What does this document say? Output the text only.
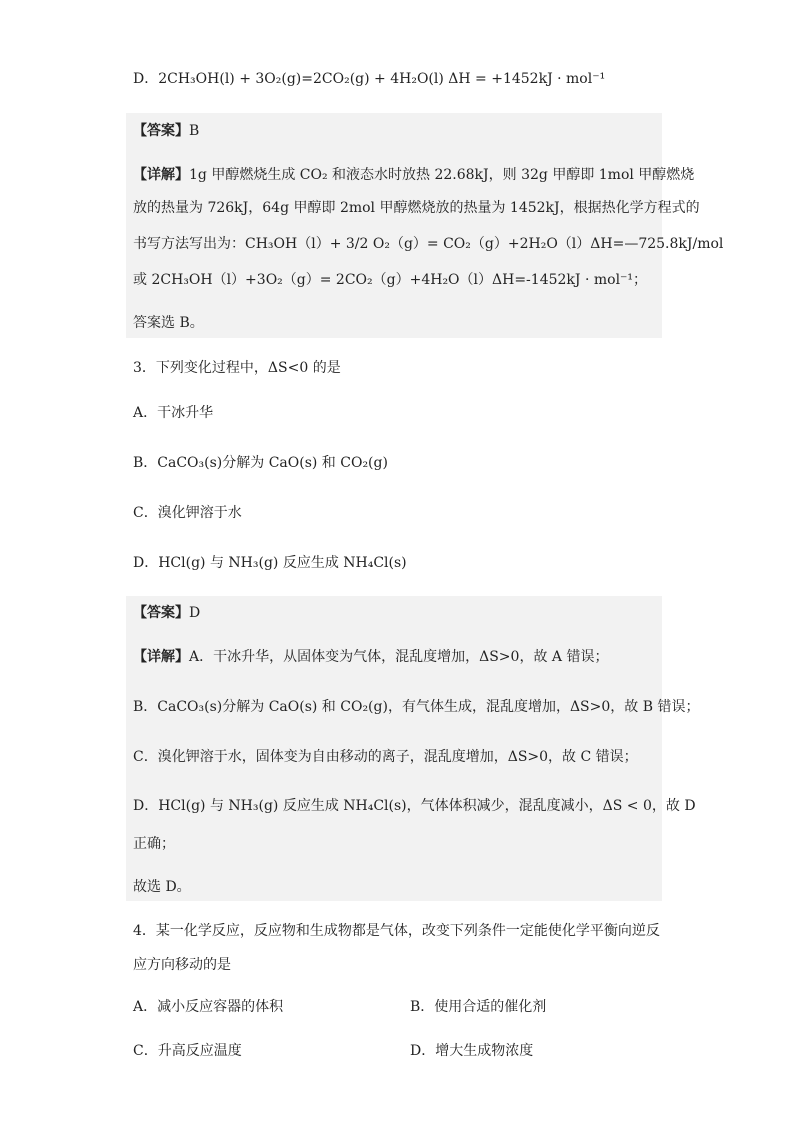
D．2CH₃OH(l) + 3O₂(g)=2CO₂(g) + 4H₂O(l) ΔH = +1452kJ · mol⁻¹
【答案】B
【详解】1g 甲醇燃烧生成 CO₂ 和液态水时放热 22.68kJ，则 32g 甲醇即 1mol 甲醇燃烧
放的热量为 726kJ，64g 甲醇即 2mol 甲醇燃烧放的热量为 1452kJ，根据热化学方程式的
书写方法写出为：CH₃OH（l）+ 3/2 O₂（g）= CO₂（g）+2H₂O（l）ΔH=—725.8kJ/mol
或 2CH₃OH（l）+3O₂（g）= 2CO₂（g）+4H₂O（l）ΔH=-1452kJ · mol⁻¹；
答案选 B。
3．下列变化过程中，ΔS<0 的是
A．干冰升华
B．CaCO₃(s)分解为 CaO(s) 和 CO₂(g)
C．溴化钾溶于水
D．HCl(g) 与 NH₃(g) 反应生成 NH₄Cl(s)
【答案】D
【详解】A．干冰升华，从固体变为气体，混乱度增加，ΔS>0，故 A 错误；
B．CaCO₃(s)分解为 CaO(s) 和 CO₂(g)，有气体生成，混乱度增加，ΔS>0，故 B 错误；
C．溴化钾溶于水，固体变为自由移动的离子，混乱度增加，ΔS>0，故 C 错误；
D．HCl(g) 与 NH₃(g) 反应生成 NH₄Cl(s)，气体体积减少，混乱度减小，ΔS < 0，故 D
正确；
故选 D。
4．某一化学反应，反应物和生成物都是气体，改变下列条件一定能使化学平衡向逆反
应方向移动的是
A．减小反应容器的体积	B．使用合适的催化剂
C．升高反应温度	D．增大生成物浓度
